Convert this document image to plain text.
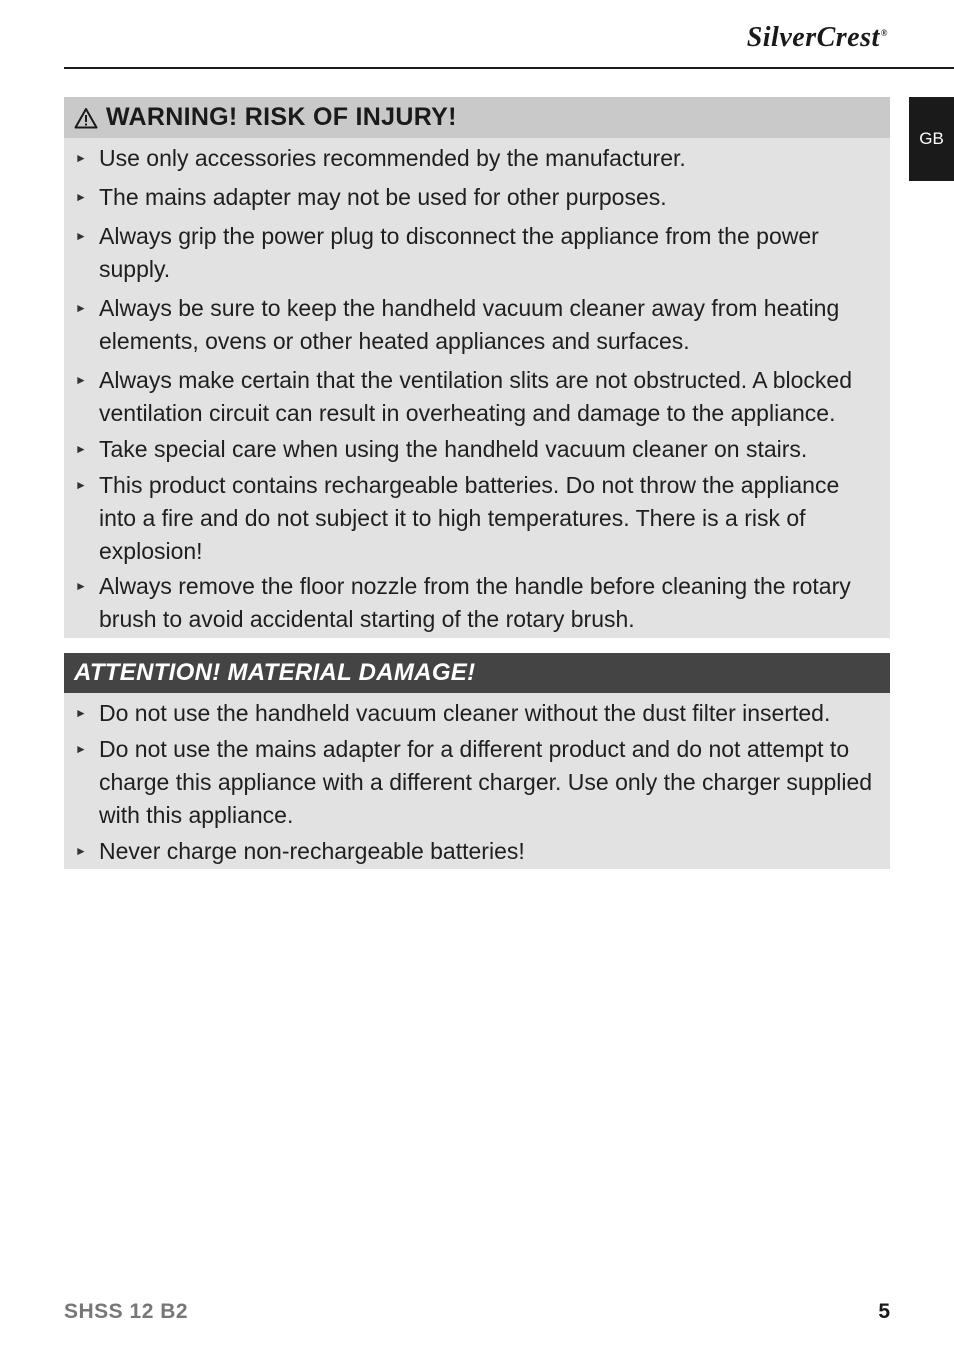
SilverCrest®
GB
WARNING! RISK OF INJURY!
► Use only accessories recommended by the manufacturer.
► The mains adapter may not be used for other purposes.
► Always grip the power plug to disconnect the appliance from the power supply.
► Always be sure to keep the handheld vacuum cleaner away from heating elements, ovens or other heated appliances and surfaces.
► Always make certain that the ventilation slits are not obstructed. A blocked ventilation circuit can result in overheating and damage to the appliance.
► Take special care when using the handheld vacuum cleaner on stairs.
► This product contains rechargeable batteries. Do not throw the appliance into a fire and do not subject it to high temperatures. There is a risk of explosion!
► Always remove the floor nozzle from the handle before cleaning the rotary brush to avoid accidental starting of the rotary brush.
ATTENTION! MATERIAL DAMAGE!
► Do not use the handheld vacuum cleaner without the dust filter inserted.
► Do not use the mains adapter for a different product and do not attempt to charge this appliance with a different charger. Use only the charger supplied with this appliance.
► Never charge non-rechargeable batteries!
SHSS 12 B2	5
